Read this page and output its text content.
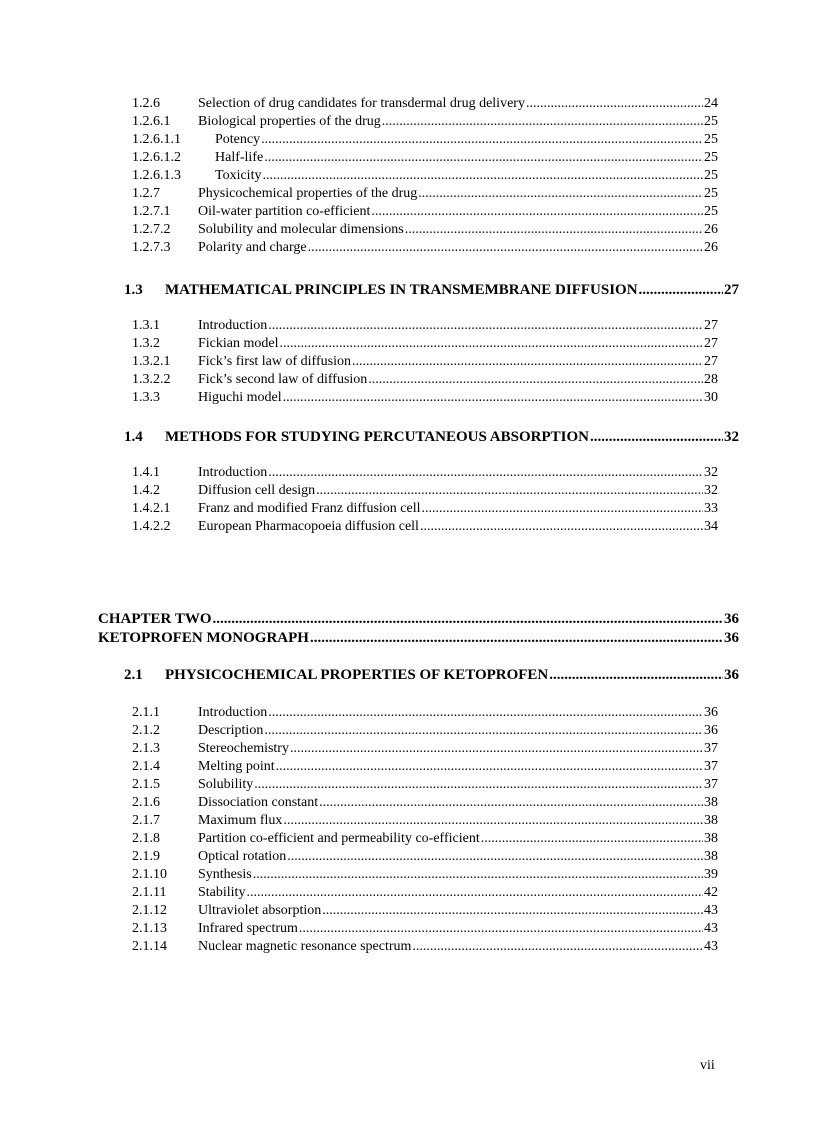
1.2.6	Selection of drug candidates for transdermal drug delivery .....	24
1.2.6.1	Biological properties of the drug .....	25
1.2.6.1.1	Potency .....	25
1.2.6.1.2	Half-life .....	25
1.2.6.1.3	Toxicity .....	25
1.2.7	Physicochemical properties of the drug .....	25
1.2.7.1	Oil-water partition co-efficient .....	25
1.2.7.2	Solubility and molecular dimensions .....	26
1.2.7.3	Polarity and charge .....	26
1.3	MATHEMATICAL PRINCIPLES IN TRANSMEMBRANE DIFFUSION .....	27
1.3.1	Introduction .....	27
1.3.2	Fickian model .....	27
1.3.2.1	Fick’s first law of diffusion .....	27
1.3.2.2	Fick’s second law of diffusion .....	28
1.3.3	Higuchi model .....	30
1.4	METHODS FOR STUDYING PERCUTANEOUS ABSORPTION .....	32
1.4.1	Introduction .....	32
1.4.2	Diffusion cell design .....	32
1.4.2.1	Franz and modified Franz diffusion cell .....	33
1.4.2.2	European Pharmacopoeia diffusion cell .....	34
CHAPTER TWO .....	36
KETOPROFEN MONOGRAPH .....	36
2.1	PHYSICOCHEMICAL PROPERTIES OF KETOPROFEN .....	36
2.1.1	Introduction .....	36
2.1.2	Description .....	36
2.1.3	Stereochemistry .....	37
2.1.4	Melting point .....	37
2.1.5	Solubility .....	37
2.1.6	Dissociation constant .....	38
2.1.7	Maximum flux .....	38
2.1.8	Partition co-efficient and permeability co-efficient .....	38
2.1.9	Optical rotation .....	38
2.1.10	Synthesis .....	39
2.1.11	Stability .....	42
2.1.12	Ultraviolet absorption .....	43
2.1.13	Infrared spectrum .....	43
2.1.14	Nuclear magnetic resonance spectrum .....	43
vii
